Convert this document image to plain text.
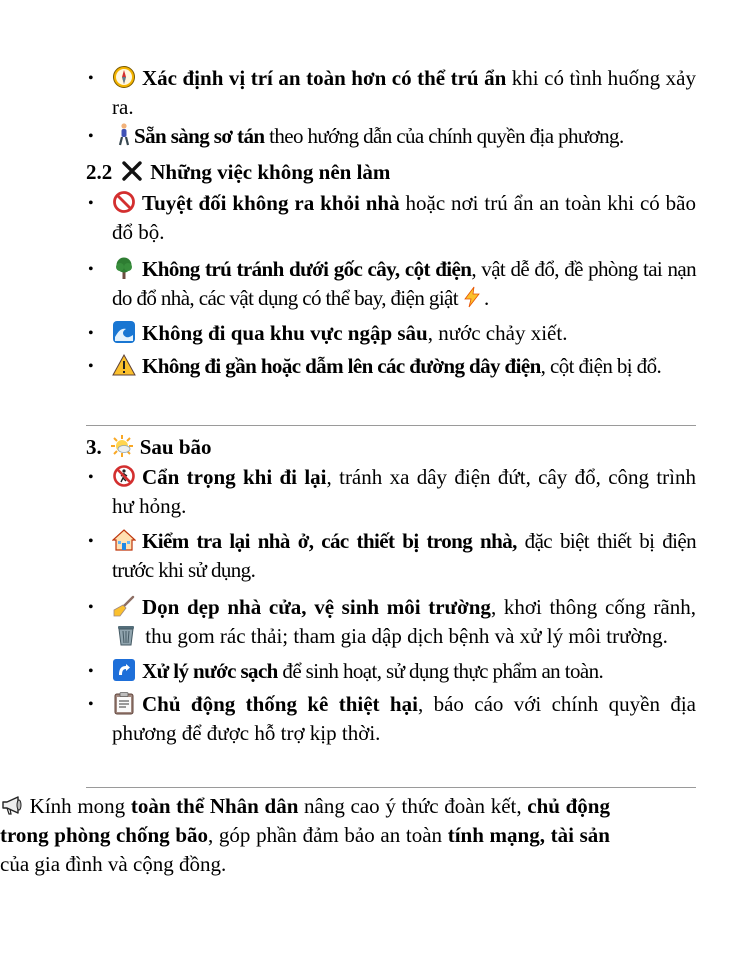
• Xác định vị trí an toàn hơn có thể trú ẩn khi có tình huống xảy ra.
• Sẵn sàng sơ tán theo hướng dẫn của chính quyền địa phương.
2.2 Những việc không nên làm
• Tuyệt đối không ra khỏi nhà hoặc nơi trú ẩn an toàn khi có bão đổ bộ.
• Không trú tránh dưới gốc cây, cột điện, vật dễ đổ, đề phòng tai nạn do đổ nhà, các vật dụng có thể bay, điện giật .
• Không đi qua khu vực ngập sâu, nước chảy xiết.
• Không đi gần hoặc dẫm lên các đường dây điện, cột điện bị đổ.
3. Sau bão
• Cẩn trọng khi đi lại, tránh xa dây điện đứt, cây đổ, công trình hư hỏng.
• Kiểm tra lại nhà ở, các thiết bị trong nhà, đặc biệt thiết bị điện trước khi sử dụng.
• Dọn dẹp nhà cửa, vệ sinh môi trường, khơi thông cống rãnh,
thu gom rác thải; tham gia dập dịch bệnh và xử lý môi trường.
• Xử lý nước sạch để sinh hoạt, sử dụng thực phẩm an toàn.
• Chủ động thống kê thiệt hại, báo cáo với chính quyền địa phương để được hỗ trợ kịp thời.

Kính mong toàn thể Nhân dân nâng cao ý thức đoàn kết, chủ động trong phòng chống bão, góp phần đảm bảo an toàn tính mạng, tài sản của gia đình và cộng đồng.
